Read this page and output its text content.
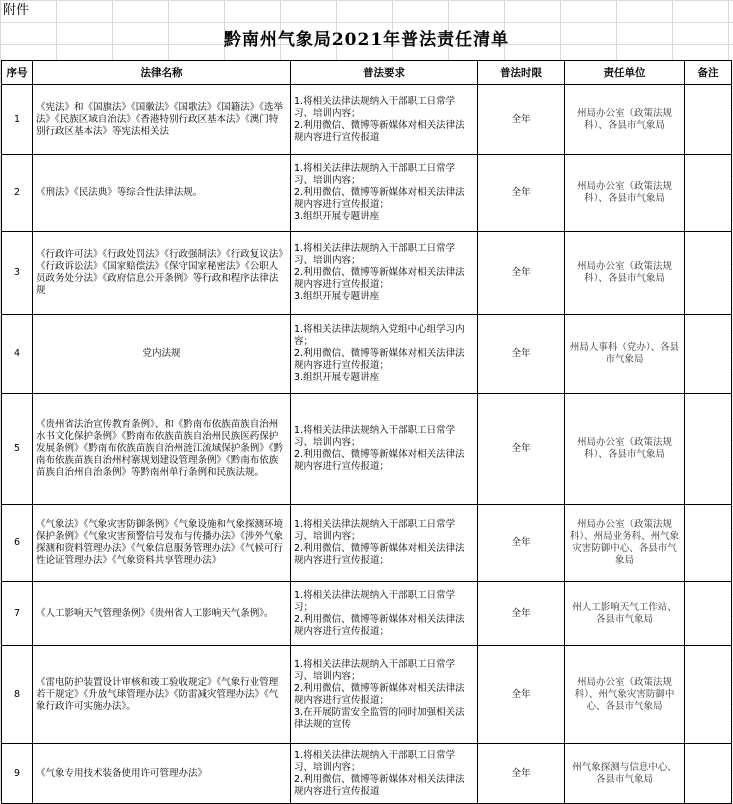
附件
黔南州气象局2021年普法责任清单
序号	法律名称	普法要求	普法时限	责任单位	备注
1	《宪法》和《国旗法》《国徽法》《国歌法》《国籍法》《选举法》《民族区域自治法》《香港特别行政区基本法》《澳门特别行政区基本法》等宪法相关法	1.将相关法律法规纳入干部职工日常学习、培训内容；
2.利用微信、微博等新媒体对相关法律法规内容进行宣传报道	全年	州局办公室（政策法规科）、各县市气象局	
2	《刑法》《民法典》等综合性法律法规。	1.将相关法律法规纳入干部职工日常学习、培训内容；
2.利用微信、微博等新媒体对相关法律法规内容进行宣传报道；
3.组织开展专题讲座	全年	州局办公室（政策法规科）、各县市气象局	
3	《行政许可法》《行政处罚法》《行政强制法》《行政复议法》《行政诉讼法》《国家赔偿法》《保守国家秘密法》《公职人员政务处分法》《政府信息公开条例》等行政和程序法律法规	1.将相关法律法规纳入干部职工日常学习、培训内容；
2.利用微信、微博等新媒体对相关法律法规内容进行宣传报道；
3.组织开展专题讲座	全年	州局办公室（政策法规科）、各县市气象局	
4	党内法规	1.将相关法律法规纳入党组中心组学习内容；
2.利用微信、微博等新媒体对相关法律法规内容进行宣传报道；
3.组织开展专题讲座	全年	州局人事科（党办）、各县市气象局	
5	《贵州省法治宣传教育条例》、和《黔南布依族苗族自治州水书文化保护条例》《黔南布依族苗族自治州民族医药保护发展条例》《黔南布依族苗族自治州涟江流域保护条例》《黔南布依族苗族自治州村寨规划建设管理条例》《黔南布依族苗族自治州自治条例》等黔南州单行条例和民族法规。	1.将相关法律法规纳入干部职工日常学习、培训内容；
2.利用微信、微博等新媒体对相关法律法规内容进行宣传报道；	全年	州局办公室（政策法规科）、各县市气象局	
6	《气象法》《气象灾害防御条例》《气象设施和气象探测环境保护条例》《气象灾害预警信号发布与传播办法》《涉外气象探测和资料管理办法》《气象信息服务管理办法》《气候可行性论证管理办法》《气象资料共享管理办法》	1.将相关法律法规纳入干部职工日常学习、培训内容；
2.利用微信、微博等新媒体对相关法律法规内容进行宣传报道；	全年	州局办公室（政策法规科）、州局业务科、州气象灾害防御中心、各县市气象局	
7	《人工影响天气管理条例》《贵州省人工影响天气条例》。	1.将相关法律法规纳入干部职工日常学习；
2.利用微信、微博等新媒体对相关法律法规内容进行宣传报道；	全年	州人工影响天气工作站、各县市气象局	
8	《雷电防护装置设计审核和竣工验收规定》《气象行业管理若干规定》《升放气球管理办法》《防雷减灾管理办法》《气象行政许可实施办法》。	1.将相关法律法规纳入干部职工日常学习、培训内容；
2.利用微信、微博等新媒体对相关法律法规内容进行宣传报道；
3.在开展防雷安全监管的同时加强相关法律法规的宣传	全年	州局办公室（政策法规科）、州气象灾害防御中心、各县市气象局	
9	《气象专用技术装备使用许可管理办法》	1.将相关法律法规纳入干部职工日常学习、培训内容；
2.利用微信、微博等新媒体对相关法律法规内容进行宣传报道	全年	州气象探测与信息中心、各县市气象局	
